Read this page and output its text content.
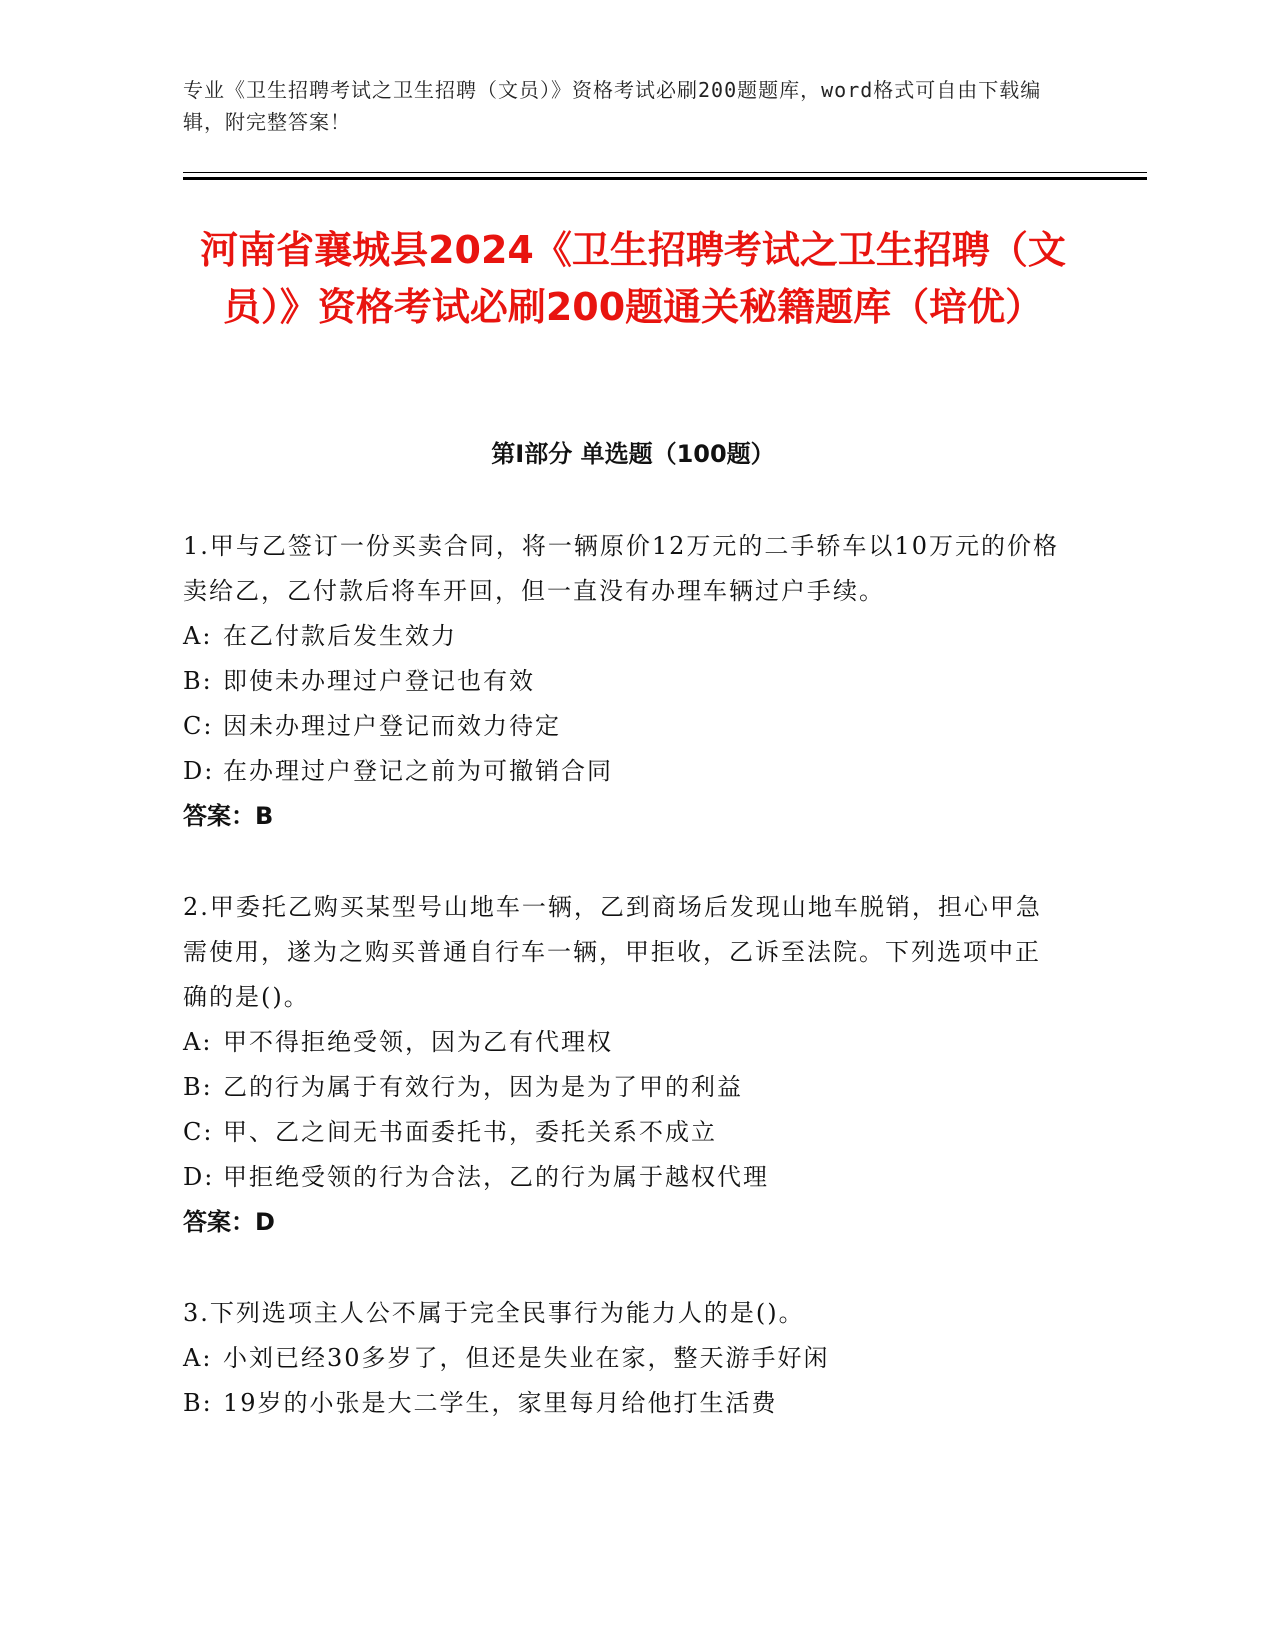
专业《卫生招聘考试之卫生招聘（文员）》资格考试必刷200题题库，word格式可自由下载编辑，附完整答案！
河南省襄城县2024《卫生招聘考试之卫生招聘（文员）》资格考试必刷200题通关秘籍题库（培优）
第Ⅰ部分 单选题（100题）
1.甲与乙签订一份买卖合同，将一辆原价12万元的二手轿车以10万元的价格卖给乙，乙付款后将车开回，但一直没有办理车辆过户手续。
A: 在乙付款后发生效力
B: 即使未办理过户登记也有效
C: 因未办理过户登记而效力待定
D: 在办理过户登记之前为可撤销合同
答案：B
2.甲委托乙购买某型号山地车一辆，乙到商场后发现山地车脱销，担心甲急需使用，遂为之购买普通自行车一辆，甲拒收，乙诉至法院。下列选项中正确的是()。
A: 甲不得拒绝受领，因为乙有代理权
B: 乙的行为属于有效行为，因为是为了甲的利益
C: 甲、乙之间无书面委托书，委托关系不成立
D: 甲拒绝受领的行为合法，乙的行为属于越权代理
答案：D
3.下列选项主人公不属于完全民事行为能力人的是()。
A: 小刘已经30多岁了，但还是失业在家，整天游手好闲
B: 19岁的小张是大二学生，家里每月给他打生活费
